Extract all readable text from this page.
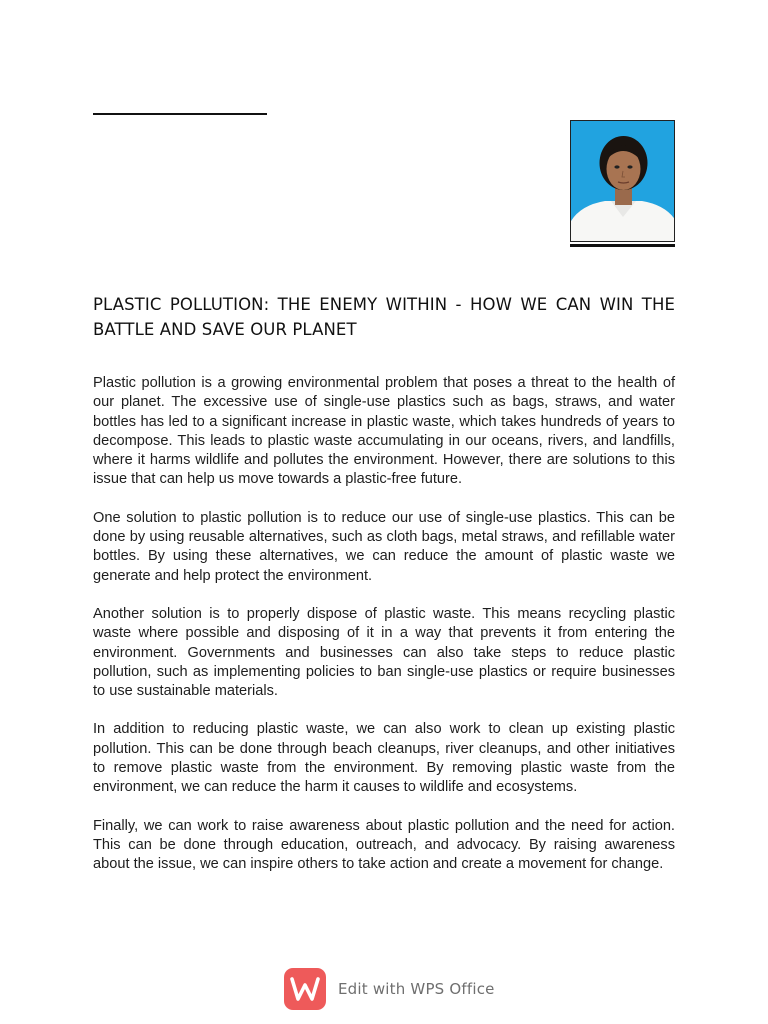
PLASTIC POLLUTION: THE ENEMY WITHIN - HOW WE CAN WIN THE BATTLE AND SAVE OUR PLANET

Plastic pollution is a growing environmental problem that poses a threat to the health of our planet. The excessive use of single-use plastics such as bags, straws, and water bottles has led to a significant increase in plastic waste, which takes hundreds of years to decompose. This leads to plastic waste accumulating in our oceans, rivers, and landfills, where it harms wildlife and pollutes the environment. However, there are solutions to this issue that can help us move towards a plastic-free future.

One solution to plastic pollution is to reduce our use of single-use plastics. This can be done by using reusable alternatives, such as cloth bags, metal straws, and refillable water bottles. By using these alternatives, we can reduce the amount of plastic waste we generate and help protect the environment.

Another solution is to properly dispose of plastic waste. This means recycling plastic waste where possible and disposing of it in a way that prevents it from entering the environment. Governments and businesses can also take steps to reduce plastic pollution, such as implementing policies to ban single-use plastics or require businesses to use sustainable materials.

In addition to reducing plastic waste, we can also work to clean up existing plastic pollution. This can be done through beach cleanups, river cleanups, and other initiatives to remove plastic waste from the environment. By removing plastic waste from the environment, we can reduce the harm it causes to wildlife and ecosystems.

Finally, we can work to raise awareness about plastic pollution and the need for action. This can be done through education, outreach, and advocacy. By raising awareness about the issue, we can inspire others to take action and create a movement for change.

Edit with WPS Office
